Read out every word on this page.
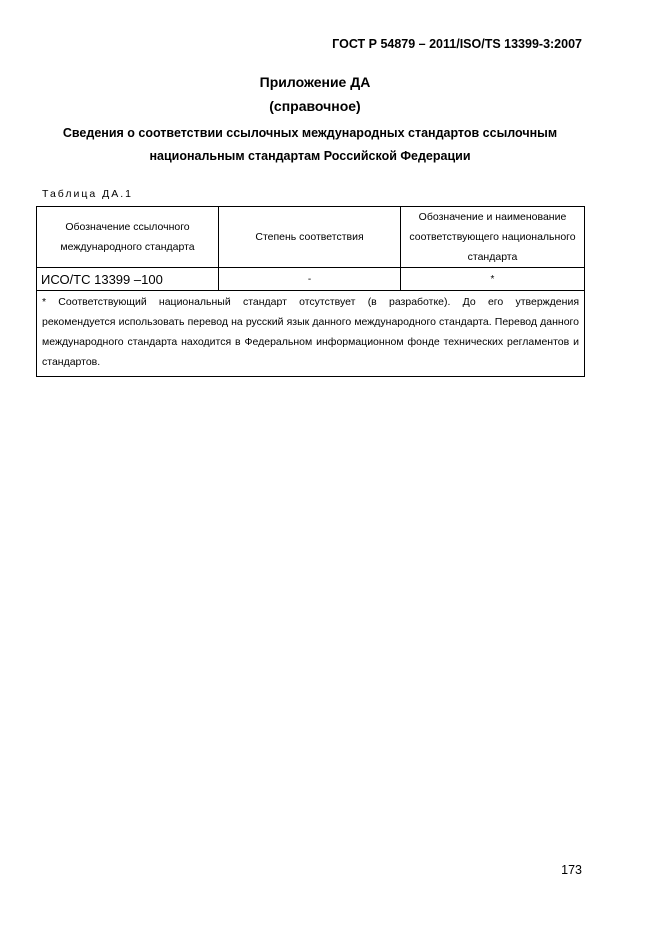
ГОСТ Р 54879 – 2011/ISO/TS 13399-3:2007
Приложение ДА
(справочное)
Сведения о соответствии ссылочных международных стандартов ссылочным
национальным стандартам Российской Федерации
Таблица ДА.1
Обозначение ссылочного международного стандарта	Степень соответствия	Обозначение и наименование соответствующего национального стандарта
ИСО/ТС 13399 –100	-	*

* Соответствующий национальный стандарт отсутствует (в разработке). До его утверждения
рекомендуется использовать перевод на русский язык данного международного стандарта. Перевод данного международного стандарта находится в Федеральном информационном фонде технических регламентов и стандартов.		
173
